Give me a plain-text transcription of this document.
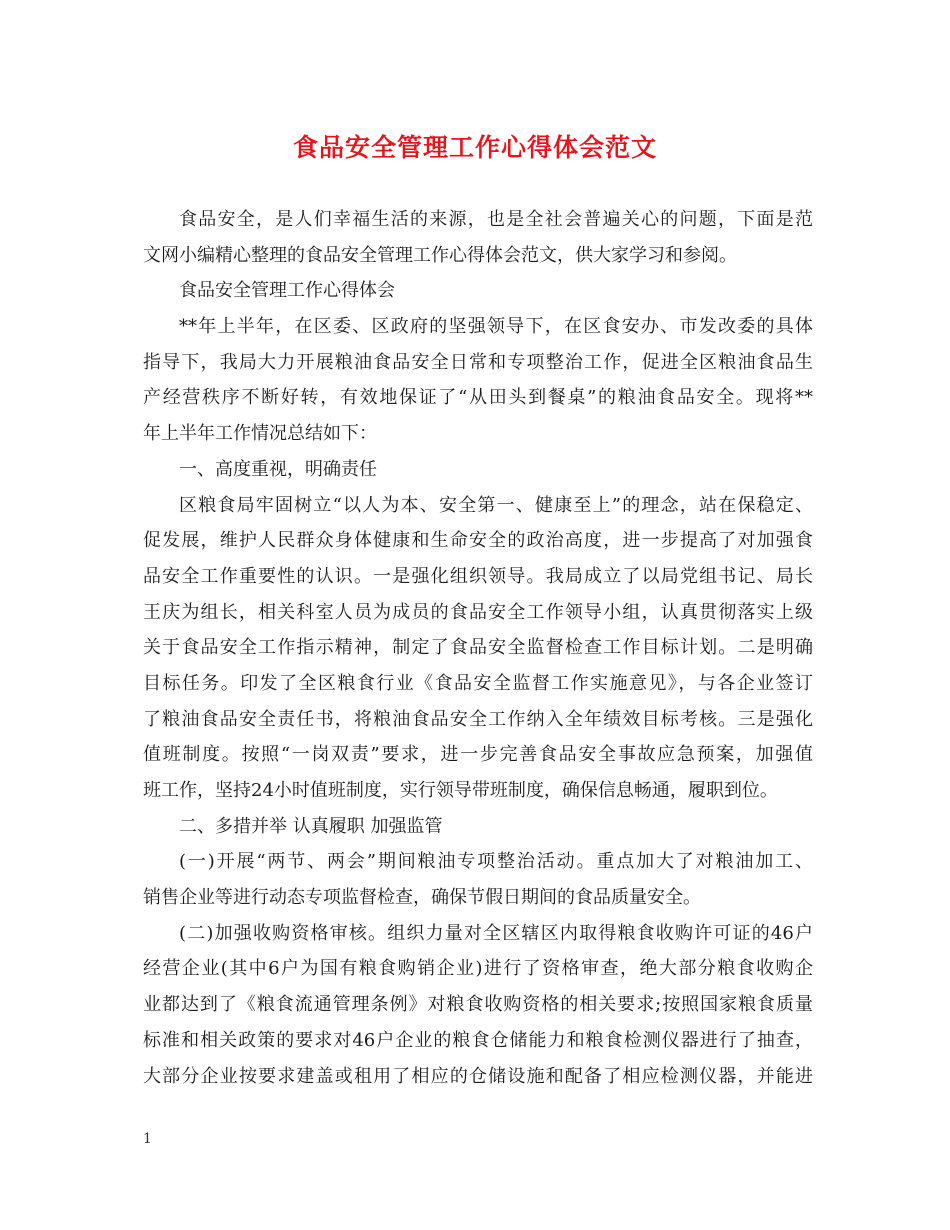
食品安全管理工作心得体会范文
食品安全，是人们幸福生活的来源，也是全社会普遍关心的问题，下面是范
文网小编精心整理的食品安全管理工作心得体会范文，供大家学习和参阅。
食品安全管理工作心得体会
**年上半年，在区委、区政府的坚强领导下，在区食安办、市发改委的具体
指导下，我局大力开展粮油食品安全日常和专项整治工作，促进全区粮油食品生
产经营秩序不断好转，有效地保证了“从田头到餐桌”的粮油食品安全。现将**
年上半年工作情况总结如下：
一、高度重视，明确责任
区粮食局牢固树立“以人为本、安全第一、健康至上”的理念，站在保稳定、
促发展，维护人民群众身体健康和生命安全的政治高度，进一步提高了对加强食
品安全工作重要性的认识。一是强化组织领导。我局成立了以局党组书记、局长
王庆为组长，相关科室人员为成员的食品安全工作领导小组，认真贯彻落实上级
关于食品安全工作指示精神，制定了食品安全监督检查工作目标计划。二是明确
目标任务。印发了全区粮食行业《食品安全监督工作实施意见》，与各企业签订
了粮油食品安全责任书，将粮油食品安全工作纳入全年绩效目标考核。三是强化
值班制度。按照“一岗双责”要求，进一步完善食品安全事故应急预案，加强值
班工作，坚持24小时值班制度，实行领导带班制度，确保信息畅通，履职到位。
二、多措并举 认真履职 加强监管
(一)开展“两节、两会”期间粮油专项整治活动。重点加大了对粮油加工、
销售企业等进行动态专项监督检查，确保节假日期间的食品质量安全。
(二)加强收购资格审核。组织力量对全区辖区内取得粮食收购许可证的46户
经营企业(其中6户为国有粮食购销企业)进行了资格审查，绝大部分粮食收购企
业都达到了《粮食流通管理条例》对粮食收购资格的相关要求;按照国家粮食质量
标准和相关政策的要求对46户企业的粮食仓储能力和粮食检测仪器进行了抽查，
大部分企业按要求建盖或租用了相应的仓储设施和配备了相应检测仪器，并能进
1
